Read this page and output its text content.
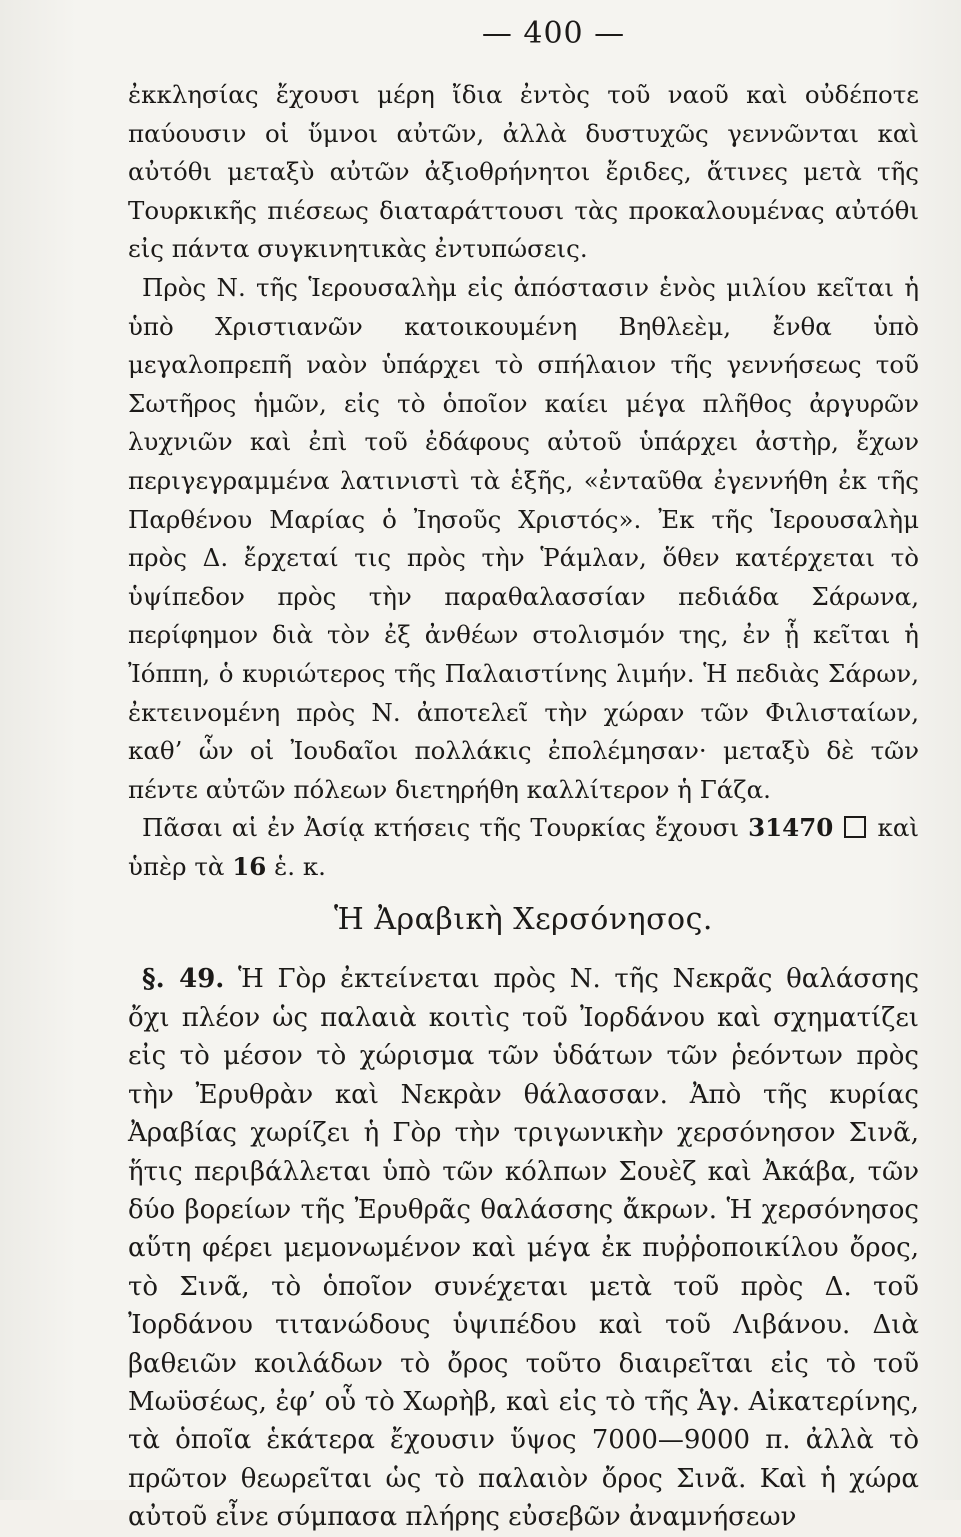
— 400 —

ἐκκλησίας ἔχουσι μέρη ἴδια ἐντὸς τοῦ ναοῦ καὶ οὐδέποτε παύουσιν οἱ ὕμνοι αὐτῶν, ἀλλὰ δυστυχῶς γεννῶνται καὶ αὐτόθι μεταξὺ αὐτῶν ἀξιοθρήνητοι ἔριδες, ἅτινες μετὰ τῆς Τουρκικῆς πιέσεως διαταράττουσι τὰς προκαλουμένας αὐτόθι εἰς πάντα συγκινητικὰς ἐντυπώσεις.

Πρὸς Ν. τῆς Ἱερουσαλὴμ εἰς ἀπόστασιν ἑνὸς μιλίου κεῖται ἡ ὑπὸ Χριστιανῶν κατοικουμένη Βηθλεὲμ, ἔνθα ὑπὸ μεγαλοπρεπῆ ναὸν ὑπάρχει τὸ σπήλαιον τῆς γεννήσεως τοῦ Σωτῆρος ἡμῶν, εἰς τὸ ὁποῖον καίει μέγα πλῆθος ἀργυρῶν λυχνιῶν καὶ ἐπὶ τοῦ ἐδάφους αὐτοῦ ὑπάρχει ἀστὴρ, ἔχων περιγεγραμμένα λατινιστὶ τὰ ἑξῆς, «ἐνταῦθα ἐγεννήθη ἐκ τῆς Παρθένου Μαρίας ὁ Ἰησοῦς Χριστός». Ἐκ τῆς Ἱερουσαλὴμ πρὸς Δ. ἔρχεταί τις πρὸς τὴν Ῥάμλαν, ὅθεν κατέρχεται τὸ ὑψίπεδον πρὸς τὴν παραθαλασσίαν πεδιάδα Σάρωνα, περίφημον διὰ τὸν ἐξ ἀνθέων στολισμόν της, ἐν ᾗ κεῖται ἡ Ἰόππη, ὁ κυριώτερος τῆς Παλαιστίνης λιμήν. Ἡ πεδιὰς Σάρων, ἐκτεινομένη πρὸς Ν. ἀποτελεῖ τὴν χώραν τῶν Φιλισταίων, καθ’ ὧν οἱ Ἰουδαῖοι πολλάκις ἐπολέμησαν· μεταξὺ δὲ τῶν πέντε αὐτῶν πόλεων διετηρήθη καλλίτερον ἡ Γάζα.

Πᾶσαι αἱ ἐν Ἀσίᾳ κτήσεις τῆς Τουρκίας ἔχουσι 31470 καὶ ὑπὲρ τὰ 16 ἑ. κ.

Ἡ Ἀραβικὴ Χερσόνησος.

§. 49. Ἡ Γὸρ ἐκτείνεται πρὸς Ν. τῆς Νεκρᾶς θαλάσσης ὄχι πλέον ὡς παλαιὰ κοιτὶς τοῦ Ἰορδάνου καὶ σχηματίζει εἰς τὸ μέσον τὸ χώρισμα τῶν ὑδάτων τῶν ῥεόντων πρὸς τὴν Ἐρυθρὰν καὶ Νεκρὰν θάλασσαν. Ἀπὸ τῆς κυρίας Ἀραβίας χωρίζει ἡ Γὸρ τὴν τριγωνικὴν χερσόνησον Σινᾶ, ἥτις περιβάλλεται ὑπὸ τῶν κόλπων Σουὲζ καὶ Ἀκάβα, τῶν δύο βορείων τῆς Ἐρυθρᾶς θαλάσσης ἄκρων. Ἡ χερσόνησος αὕτη φέρει μεμονωμένον καὶ μέγα ἐκ πυῤῥοποικίλου ὄρος, τὸ Σινᾶ, τὸ ὁποῖον συνέχεται μετὰ τοῦ πρὸς Δ. τοῦ Ἰορδάνου τιτανώδους ὑψιπέδου καὶ τοῦ Λιβάνου. Διὰ βαθειῶν κοιλάδων τὸ ὄρος τοῦτο διαιρεῖται εἰς τὸ τοῦ Μωϋσέως, ἐφ’ οὗ τὸ Χωρὴβ, καὶ εἰς τὸ τῆς Ἁγ. Αἰκατερίνης, τὰ ὁποῖα ἑκάτερα ἔχουσιν ὕψος 7000—9000 π. ἀλλὰ τὸ πρῶτον θεωρεῖται ὡς τὸ παλαιὸν ὄρος Σινᾶ. Καὶ ἡ χώρα αὐτοῦ εἶνε σύμπασα πλήρης εὐσεβῶν ἀναμνήσεων
